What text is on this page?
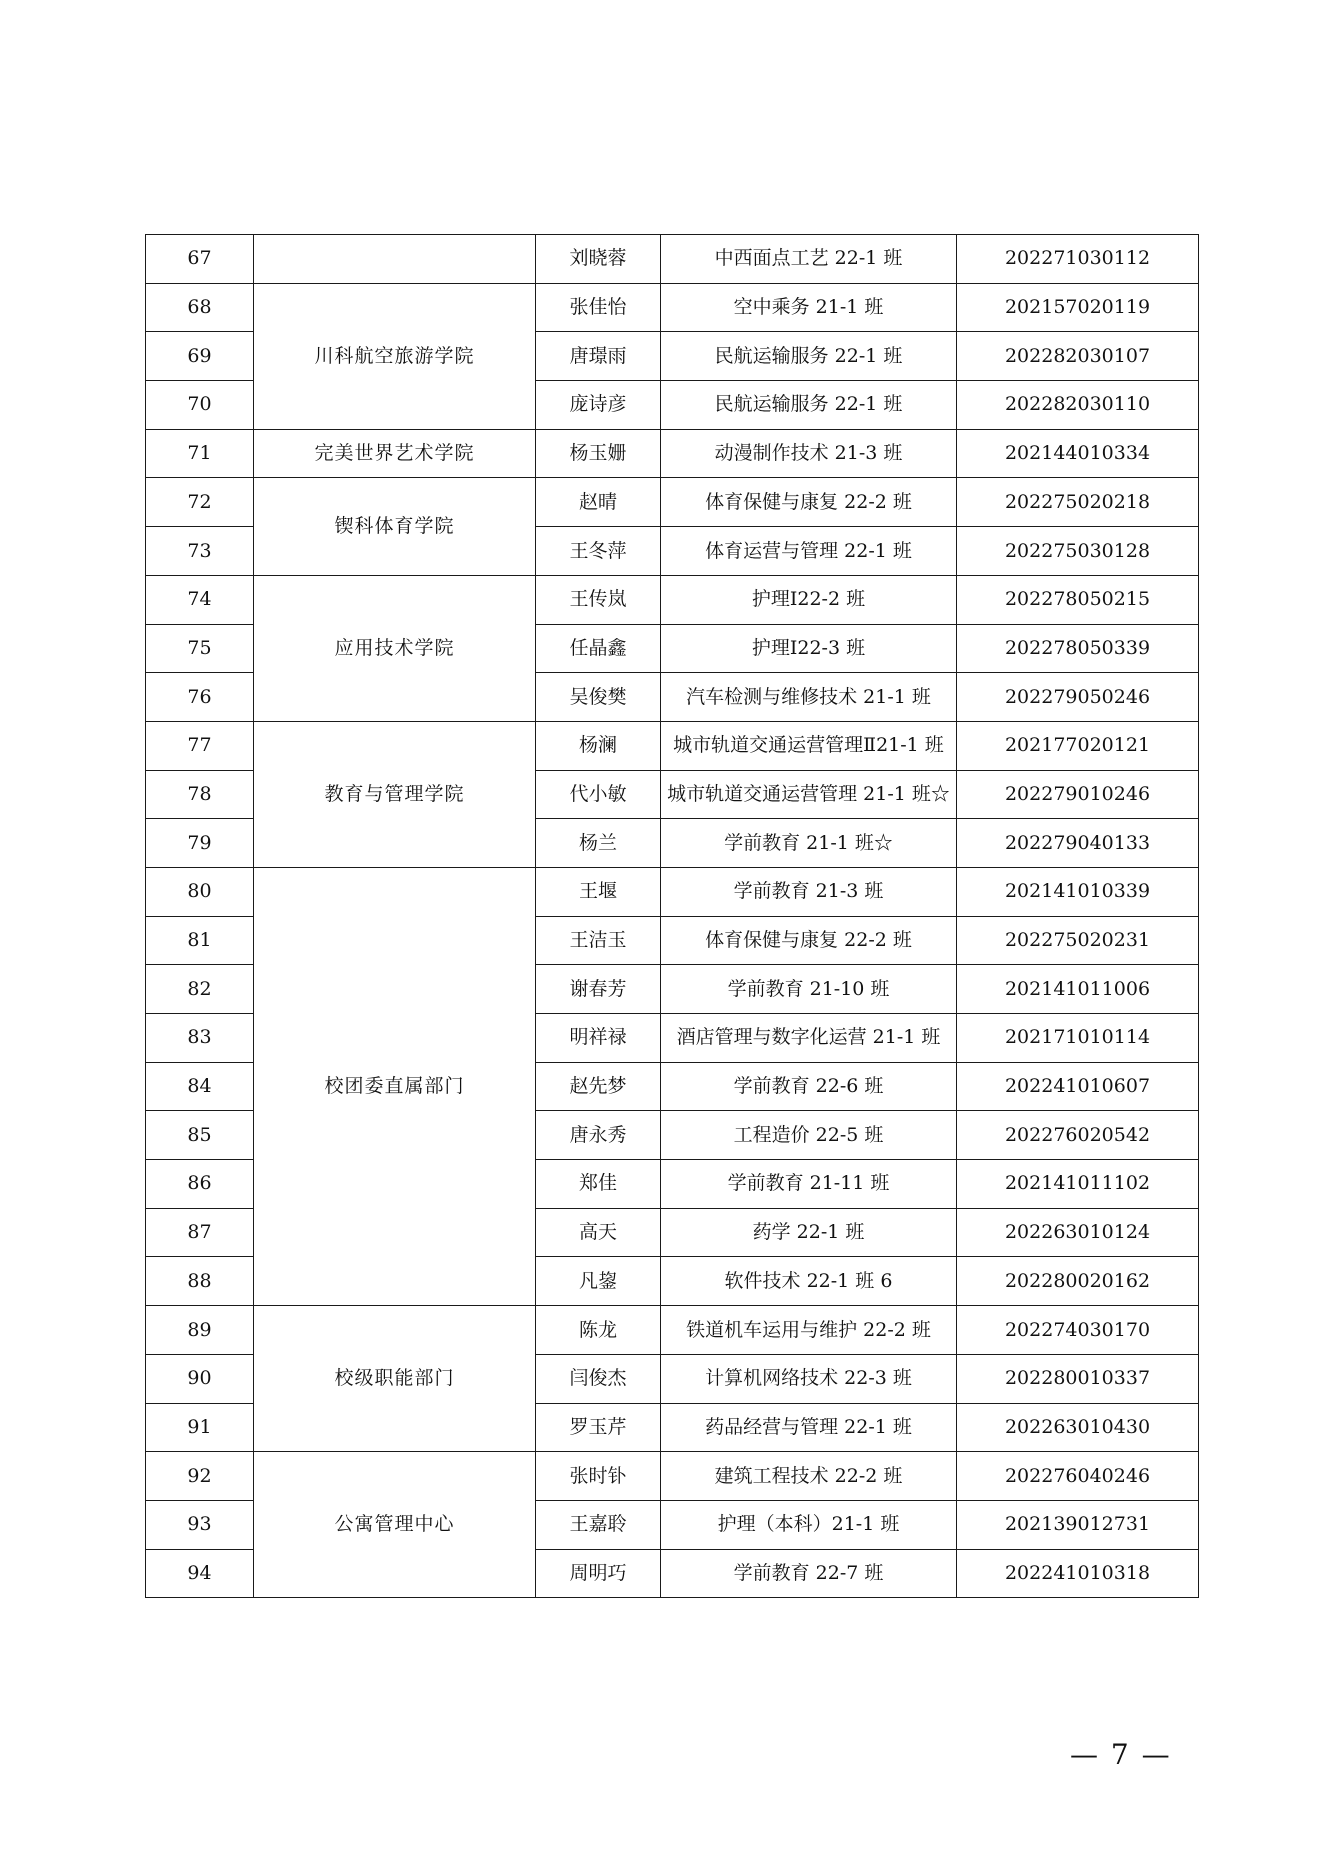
67		刘晓蓉	中西面点工艺 22-1 班	202271030112
68	川科航空旅游学院	张佳怡	空中乘务 21-1 班	202157020119
69		唐璟雨	民航运输服务 22-1 班	202282030107
70		庞诗彦	民航运输服务 22-1 班	202282030110
71	完美世界艺术学院	杨玉姗	动漫制作技术 21-3 班	202144010334
72	锲科体育学院	赵晴	体育保健与康复 22-2 班	202275020218
73		王冬萍	体育运营与管理 22-1 班	202275030128
74	应用技术学院	王传岚	护理Ⅰ22-2 班	202278050215
75		任晶鑫	护理Ⅰ22-3 班	202278050339
76		吴俊樊	汽车检测与维修技术 21-1 班	202279050246
77	教育与管理学院	杨澜	城市轨道交通运营管理Ⅱ21-1 班	202177020121
78		代小敏	城市轨道交通运营管理 21-1 班☆	202279010246
79		杨兰	学前教育 21-1 班☆	202279040133
80	校团委直属部门	王堰	学前教育 21-3 班	202141010339
81		王洁玉	体育保健与康复 22-2 班	202275020231
82		谢春芳	学前教育 21-10 班	202141011006
83		明祥禄	酒店管理与数字化运营 21-1 班	202171010114
84		赵先梦	学前教育 22-6 班	202241010607
85		唐永秀	工程造价 22-5 班	202276020542
86		郑佳	学前教育 21-11 班	202141011102
87		高天	药学 22-1 班	202263010124
88		凡鋆	软件技术 22-1 班 6	202280020162
89	校级职能部门	陈龙	铁道机车运用与维护 22-2 班	202274030170
90		闫俊杰	计算机网络技术 22-3 班	202280010337
91		罗玉芹	药品经营与管理 22-1 班	202263010430
92	公寓管理中心	张时钋	建筑工程技术 22-2 班	202276040246
93		王嘉聆	护理（本科）21-1 班	202139012731
94		周明巧	学前教育 22-7 班	202241010318
— 7 —
